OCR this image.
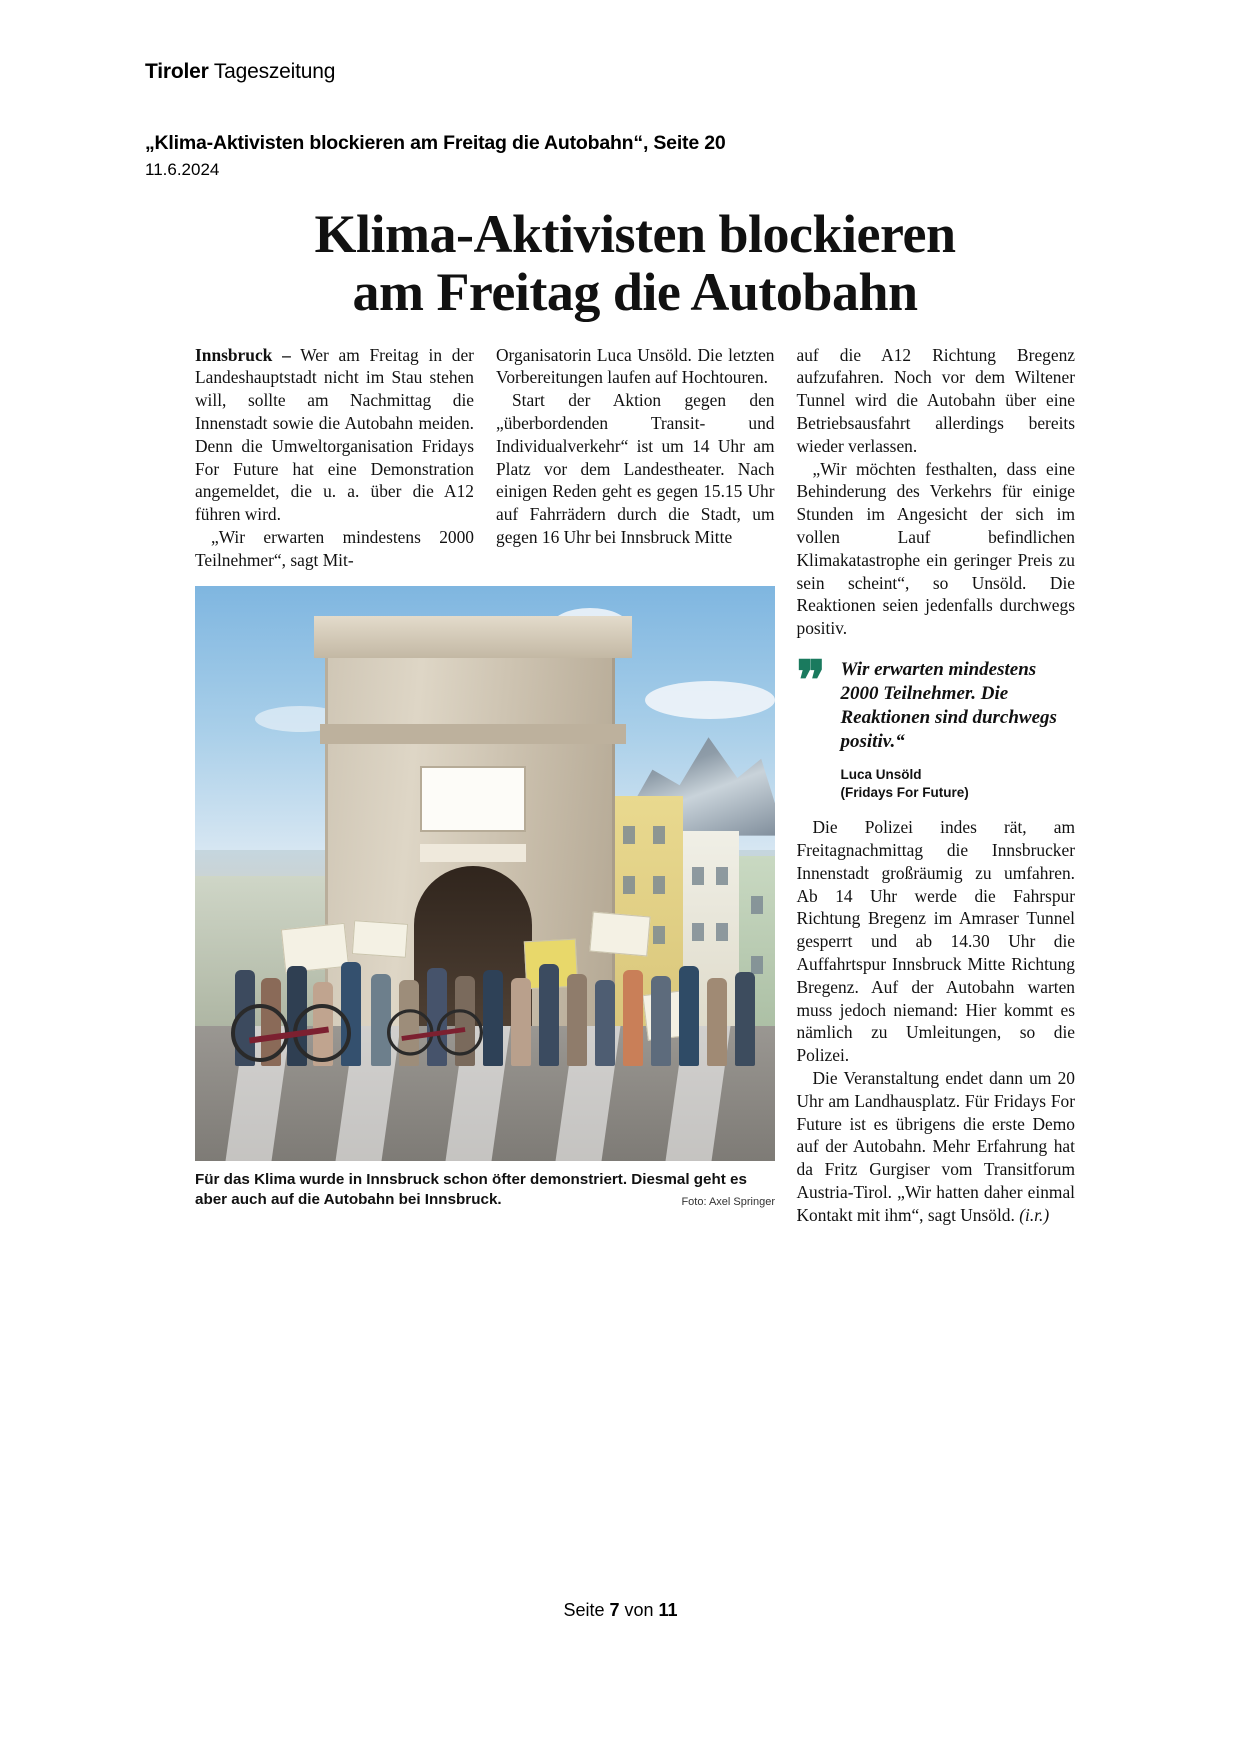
Tiroler Tageszeitung
„Klima-Aktivisten blockieren am Freitag die Autobahn“, Seite 20
11.6.2024
Klima-Aktivisten blockieren
am Freitag die Autobahn

Innsbruck – Wer am Freitag in der Landeshauptstadt nicht im Stau stehen will, sollte am Nachmittag die Innenstadt sowie die Autobahn meiden. Denn die Umweltorganisation Fridays For Future hat eine Demonstration angemeldet, die u. a. über die A12 führen wird.

„Wir erwarten mindestens 2000 Teilnehmer“, sagt Mit-

Für das Klima wurde in Innsbruck schon öfter demonstriert. Diesmal geht es aber auch auf die Autobahn bei Innsbruck.	Foto: Axel Springer

Organisatorin Luca Unsöld. Die letzten Vorbereitungen laufen auf Hochtouren.

Start der Aktion gegen den „überbordenden Transit- und Individualverkehr“ ist um 14 Uhr am Platz vor dem Landestheater. Nach einigen Reden geht es gegen 15.15 Uhr auf Fahrrädern durch die Stadt, um gegen 16 Uhr bei Innsbruck Mitte

auf die A12 Richtung Bregenz aufzufahren. Noch vor dem Wiltener Tunnel wird die Autobahn über eine Betriebsausfahrt allerdings bereits wieder verlassen.

„Wir möchten festhalten, dass eine Behinderung des Verkehrs für einige Stunden im Angesicht der sich im vollen Lauf befindlichen Klimakatastrophe ein geringer Preis zu sein scheint“, so Unsöld. Die Reaktionen seien jedenfalls durchwegs positiv.

❞ Wir erwarten mindestens 2000 Teilnehmer. Die Reaktionen sind durchwegs positiv.“
Luca Unsöld
(Fridays For Future)

Die Polizei indes rät, am Freitagnachmittag die Innsbrucker Innenstadt großräumig zu umfahren. Ab 14 Uhr werde die Fahrspur Richtung Bregenz im Amraser Tunnel gesperrt und ab 14.30 Uhr die Auffahrtspur Innsbruck Mitte Richtung Bregenz. Auf der Autobahn warten muss jedoch niemand: Hier kommt es nämlich zu Umleitungen, so die Polizei.

Die Veranstaltung endet dann um 20 Uhr am Landhausplatz. Für Fridays For Future ist es übrigens die erste Demo auf der Autobahn. Mehr Erfahrung hat da Fritz Gurgiser vom Transitforum Austria-Tirol. „Wir hatten daher einmal Kontakt mit ihm“, sagt Unsöld. (i.r.)

Seite 7 von 11
